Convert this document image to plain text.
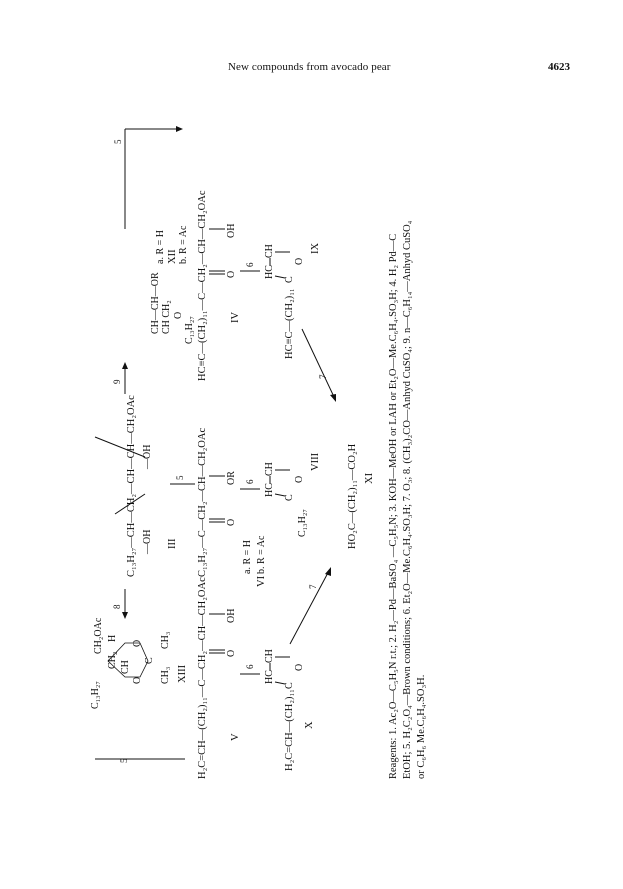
New compounds from avocado pear	4623
H₂C=CH—(CH₂)₁₁—C—CH₂—CH—CH₂OAc O
OH
V
C₁₃H₂₇—CH—CH₂—CH—CH—CH₂OAc —OH
—OH
III C₁₃H₂₇—C—CH₂—CH—CH₂OAc O
OR
a. R = H b. R = Ac
VI
HC≡C—(CH₂)₁₁—C—CH₂—CH—CH₂OAc O
OH
IV
5
C₁₃H₂₇
CH₂
CH₂OAc
CH
H
O
O
C
CH₃
CH₃
XIII
8
9
CH—CH—OR CH CH₂ O
C₁₃H₂₇
XII
a. R = H b. R = Ac
5
5
6
6
6
HC
CH
C
O
H₂C=CH—(CH₂)₁₁ X
HC
CH
C
O
C₁₃H₂₇
VIII
HC
CH
C
O
HC≡C—(CH₂)₁₁
IX
7
7
HO₂C—(CH₂)₁₁—CO₂H XI Reagents: 1. Ac₂O—C₅H₅N r.t.; 2. H₂—Pd—BaSO₄ —C₅H₅N; 3. KOH—MeOH or LAH or Et₂O—Me.C₆H₄.SO₃H; 4. H₂ Pd—C EtOH; 5. H₂C₂O₄—Brown conditions; 6. Et₂O—Me.C₆H₄.SO₃H; 7. O₃; 8. (CH₃)₂CO—Anhyd CuSO₄; 9. n—C₆H₁₄—Anhyd CuSO₄ or C₆H₆ Me.C₆H₄.SO₃H.
